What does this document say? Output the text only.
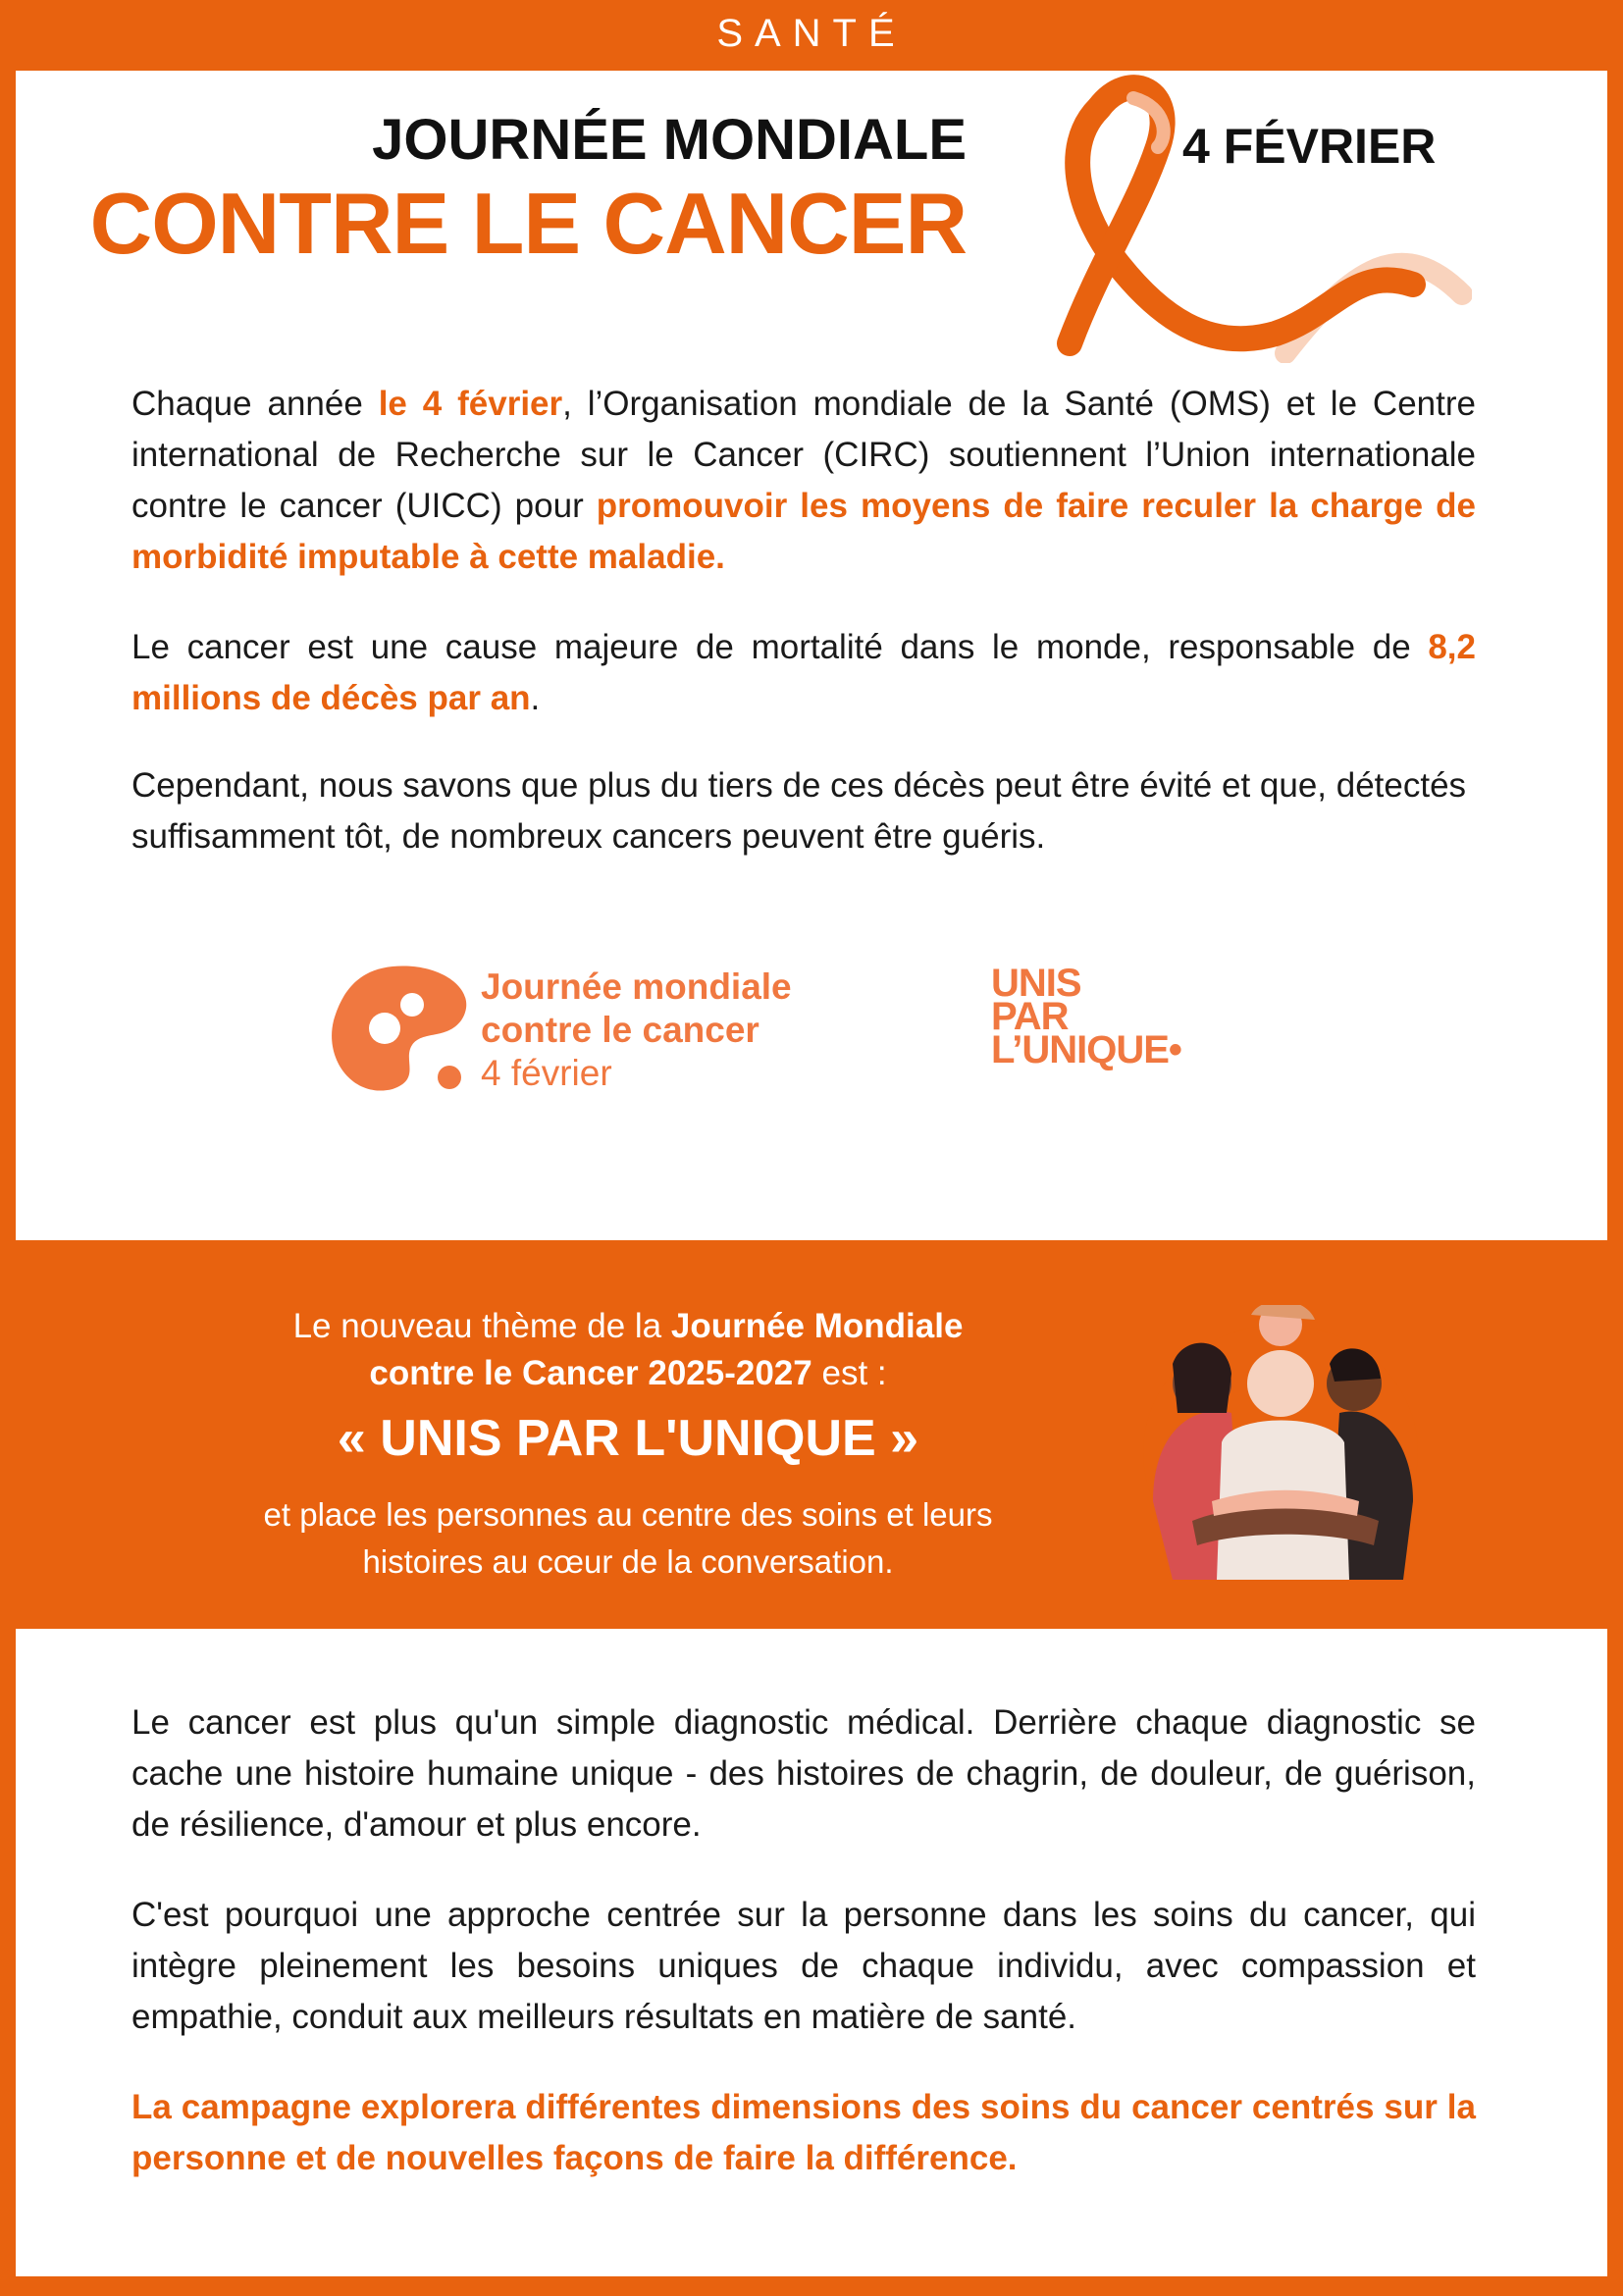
SANTÉ
JOURNÉE MONDIALE
CONTRE LE CANCER
4 FÉVRIER
Chaque année le 4 février, l’Organisation mondiale de la Santé (OMS) et le Centre international de Recherche sur le Cancer (CIRC) soutiennent l’Union internationale contre le cancer (UICC) pour promouvoir les moyens de faire reculer la charge de morbidité imputable à cette maladie.
Le cancer est une cause majeure de mortalité dans le monde, responsable de 8,2 millions de décès par an.
Cependant, nous savons que plus du tiers de ces décès peut être évité et que, détectés suffisamment tôt, de nombreux cancers peuvent être guéris.
Journée mondiale
contre le cancer
4 février
UNIS
PAR
L’UNIQUE•
Le nouveau thème de la Journée Mondiale
contre le Cancer 2025-2027 est :
« UNIS PAR L'UNIQUE »
et place les personnes au centre des soins et leurs
histoires au cœur de la conversation.
Le cancer est plus qu'un simple diagnostic médical. Derrière chaque diagnostic se cache une histoire humaine unique - des histoires de chagrin, de douleur, de guérison, de résilience, d'amour et plus encore.
C'est pourquoi une approche centrée sur la personne dans les soins du cancer, qui intègre pleinement les besoins uniques de chaque individu, avec compassion et empathie, conduit aux meilleurs résultats en matière de santé.
La campagne explorera différentes dimensions des soins du cancer centrés sur la personne et de nouvelles façons de faire la différence.
